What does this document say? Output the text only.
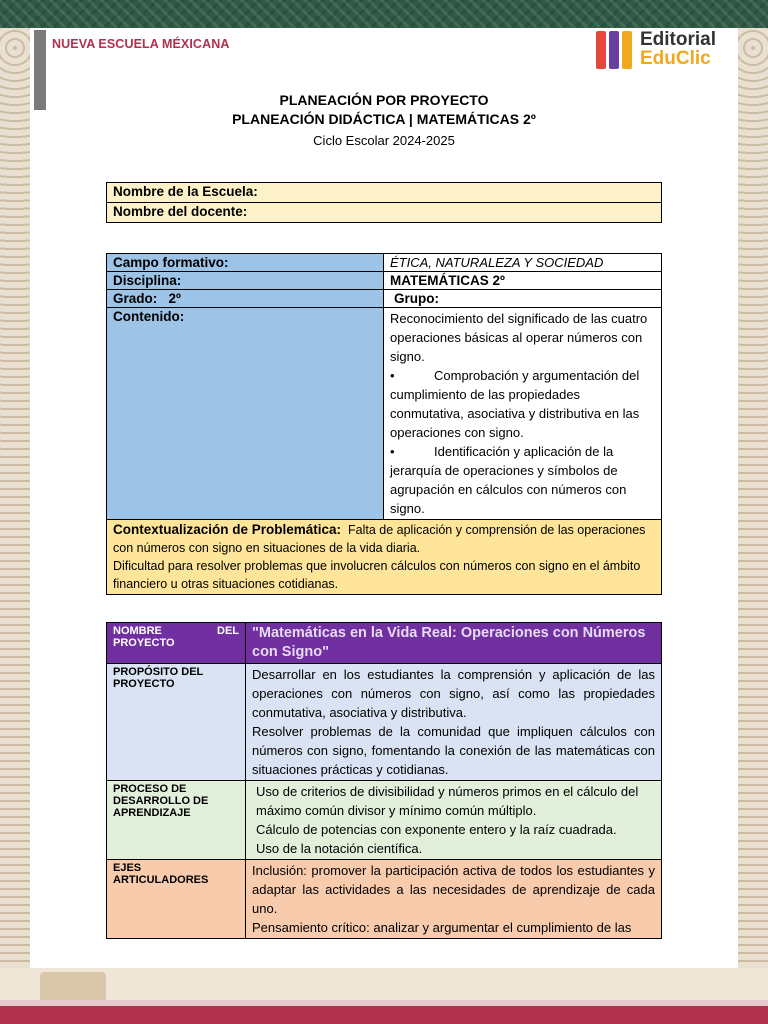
NUEVA ESCUELA MÉXICANA	Editorial
EduClic
PLANEACIÓN POR PROYECTO
PLANEACIÓN DIDÁCTICA | MATEMÁTICAS 2º
Ciclo Escolar 2024-2025
Nombre de la Escuela:
Nombre del docente:
Campo formativo:	ÉTICA, NATURALEZA Y SOCIEDAD
Disciplina:	MATEMÁTICAS 2º
Grado:   2º	Grupo:
Contenido:	Reconocimiento del significado de las cuatro operaciones básicas al operar números con signo.
• Comprobación y argumentación del cumplimiento de las propiedades conmutativa, asociativa y distributiva en las operaciones con signo.
• Identificación y aplicación de la jerarquía de operaciones y símbolos de agrupación en cálculos con números con signo.

Contextualización de Problemática: Falta de aplicación y comprensión de las operaciones con números con signo en situaciones de la vida diaria.
Dificultad para resolver problemas que involucren cálculos con números con signo en el ámbito financiero u otras situaciones cotidianas.	
NOMBRE DEL
PROYECTO	"Matemáticas en la Vida Real: Operaciones con Números con Signo"
PROPÓSITO DEL PROYECTO	Desarrollar en los estudiantes la comprensión y aplicación de las operaciones con números con signo, así como las propiedades conmutativa, asociativa y distributiva.
Resolver problemas de la comunidad que impliquen cálculos con números con signo, fomentando la conexión de las matemáticas con situaciones prácticas y cotidianas.

PROCESO DE DESARROLLO DE APRENDIZAJE	Uso de criterios de divisibilidad y números primos en el cálculo del máximo común divisor y mínimo común múltiplo.
Cálculo de potencias con exponente entero y la raíz cuadrada.
Uso de la notación científica.

EJES ARTICULADORES	Inclusión: promover la participación activa de todos los estudiantes y adaptar las actividades a las necesidades de aprendizaje de cada uno.
Pensamiento crítico: analizar y argumentar el cumplimiento de las
